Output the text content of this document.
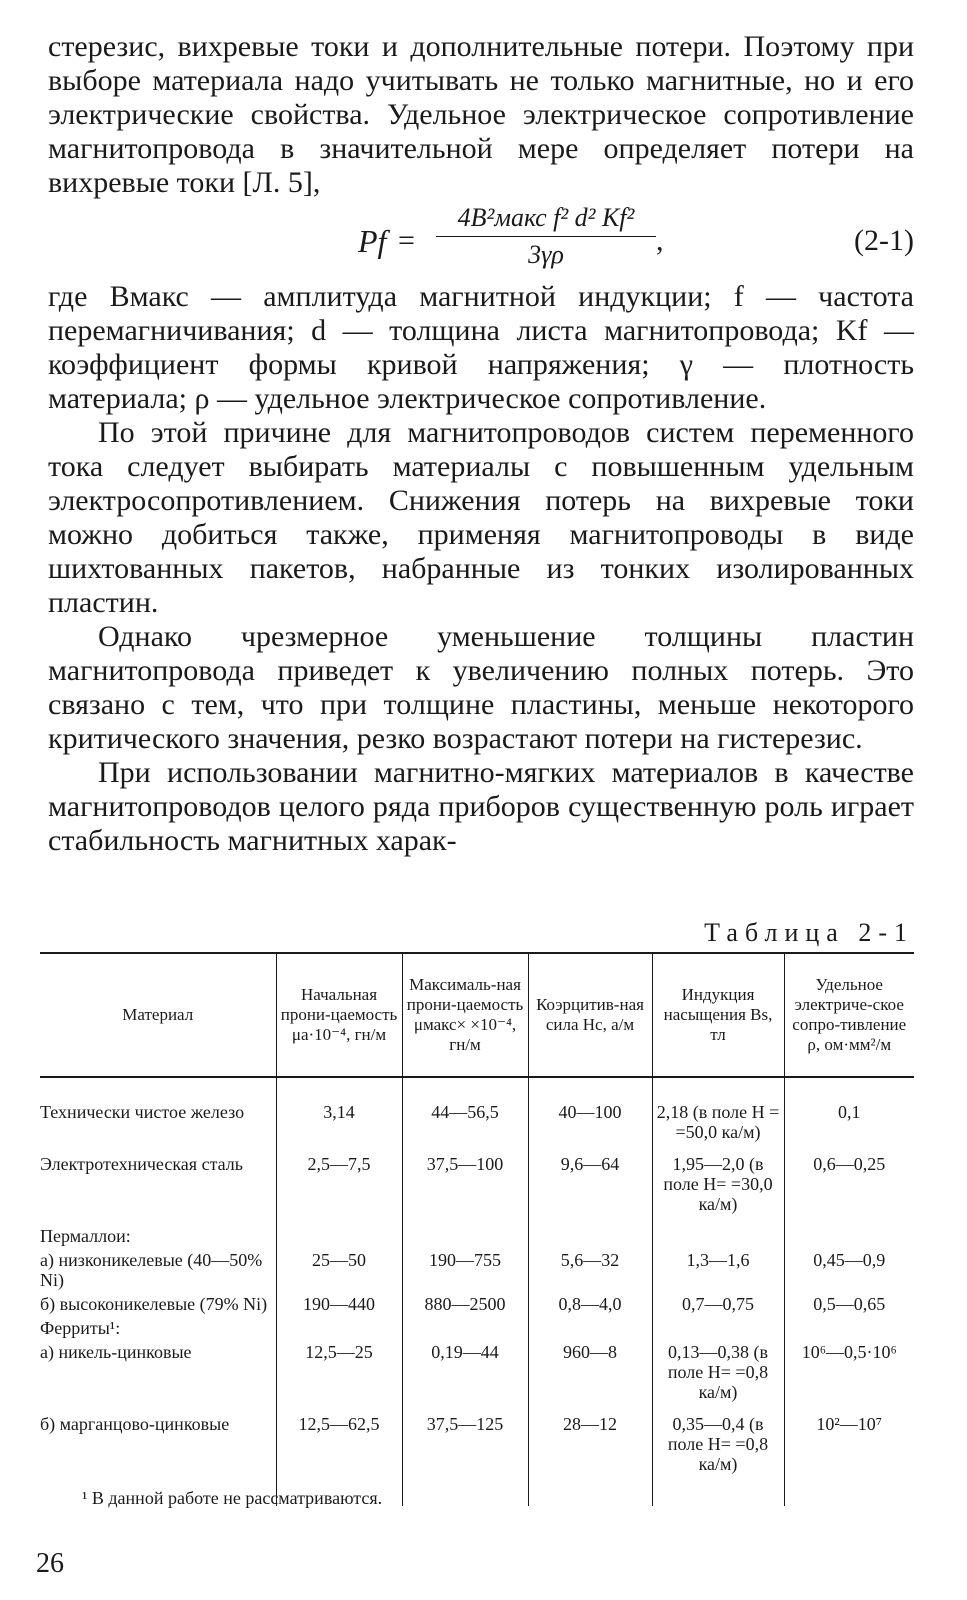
стерезис, вихревые токи и дополнительные потери. Поэтому при выборе материала надо учитывать не только магнитные, но и его электрические свойства. Удельное электрическое сопротивление магнитопровода в значительной мере определяет потери на вихревые токи [Л. 5],

Pf =
4B²макс f² d² Kf²
3γρ	,	(2-1)

где Bмакс — амплитуда магнитной индукции; f — частота перемагничивания; d — толщина листа магнитопровода; Kf — коэффициент формы кривой напряжения; γ — плотность материала; ρ — удельное электрическое сопротивление.

По этой причине для магнитопроводов систем переменного тока следует выбирать материалы с повышенным удельным электросопротивлением. Снижения потерь на вихревые токи можно добиться также, применяя магнитопроводы в виде шихтованных пакетов, набранные из тонких изолированных пластин.

Однако чрезмерное уменьшение толщины пластин магнитопровода приведет к увеличению полных потерь. Это связано с тем, что при толщине пластины, меньше некоторого критического значения, резко возрастают потери на гистерезис.

При использовании магнитно-мягких материалов в качестве магнитопроводов целого ряда приборов существенную роль играет стабильность магнитных харак-

Таблица 2-1
Материал	Начальная прони-цаемость μа·10⁻⁴, гн/м	Максималь-ная прони-цаемость μмакс× ×10⁻⁴, гн/м	Коэрцитив-ная сила Hc, а/м	Индукция насыщения Bs, тл	Удельное электриче-ское сопро-тивление ρ, ом·мм²/м

Технически чистое железо	3,14	44—56,5	40—100	2,18 (в поле H = =50,0 ка/м)	0,1

Электротехническая сталь	2,5—7,5	37,5—100	9,6—64	1,95—2,0 (в поле H= =30,0 ка/м)	0,6—0,25

Пермаллои:					
а) низконикелевые (40—50% Ni)	25—50	190—755	5,6—32	1,3—1,6	0,45—0,9
б) высоконикелевые (79% Ni)	190—440	880—2500	0,8—4,0	0,7—0,75	0,5—0,65
Ферриты¹:					
а) никель-цинковые	12,5—25	0,19—44	960—8	0,13—0,38 (в поле H= =0,8 ка/м)	10⁶—0,5·10⁶

б) марганцово-цинковые	12,5—62,5	37,5—125	28—12	0,35—0,4 (в поле H= =0,8 ка/м)	10²—10⁷

¹ В данной работе не рассматриваются.
26
